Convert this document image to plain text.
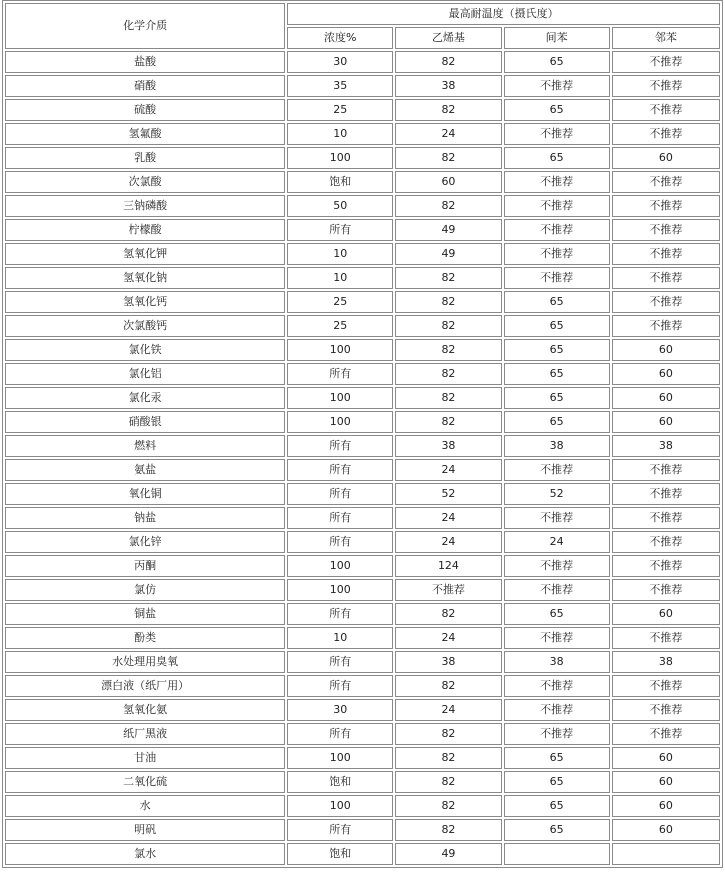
化学介质	最高耐温度（摄氏度）			
	浓度%	乙烯基	间苯	邻苯
盐酸	30	82	65	不推荐
硝酸	35	38	不推荐	不推荐
硫酸	25	82	65	不推荐
氢氟酸	10	24	不推荐	不推荐
乳酸	100	82	65	60
次氯酸	饱和	60	不推荐	不推荐
三钠磷酸	50	82	不推荐	不推荐
柠檬酸	所有	49	不推荐	不推荐
氢氧化钾	10	49	不推荐	不推荐
氢氧化钠	10	82	不推荐	不推荐
氢氧化钙	25	82	65	不推荐
次氯酸钙	25	82	65	不推荐
氯化铁	100	82	65	60
氯化铝	所有	82	65	60
氯化汞	100	82	65	60
硝酸银	100	82	65	60
燃料	所有	38	38	38
氨盐	所有	24	不推荐	不推荐
氧化铜	所有	52	52	不推荐
钠盐	所有	24	不推荐	不推荐
氯化锌	所有	24	24	不推荐
丙酮	100	124	不推荐	不推荐
氯仿	100	不推荐	不推荐	不推荐
铜盐	所有	82	65	60
酚类	10	24	不推荐	不推荐
水处理用臭氧	所有	38	38	38
漂白液（纸厂用）	所有	82	不推荐	不推荐
氢氧化氨	30	24	不推荐	不推荐
纸厂黑液	所有	82	不推荐	不推荐
甘油	100	82	65	60
二氧化硫	饱和	82	65	60
水	100	82	65	60
明矾	所有	82	65	60
氯水	饱和	49		
